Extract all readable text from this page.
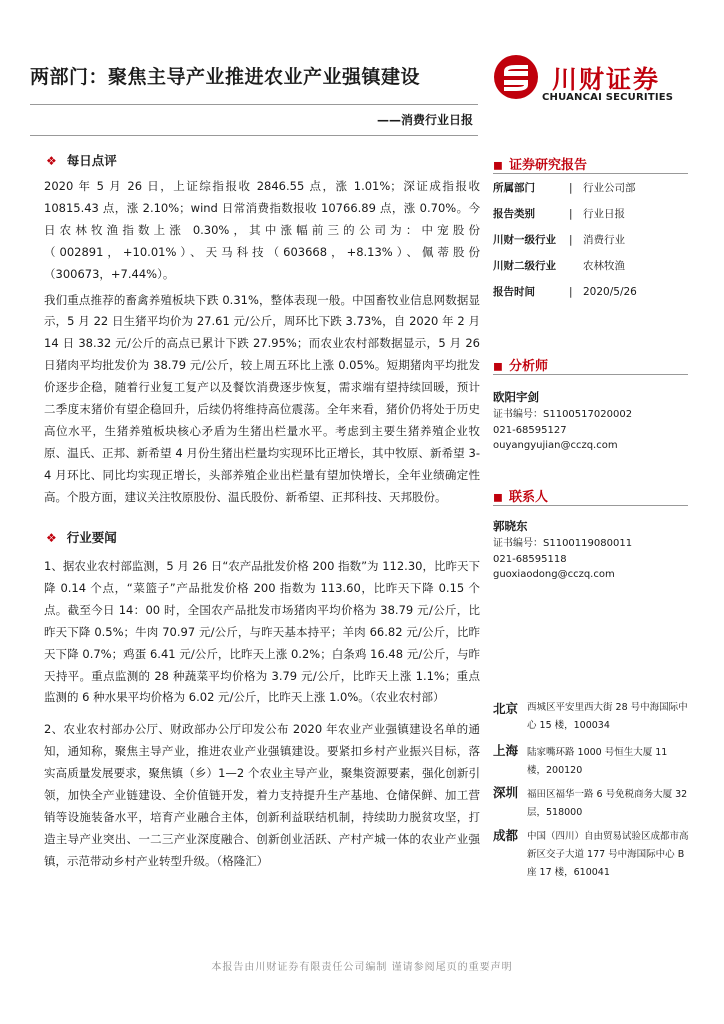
两部门：聚焦主导产业推进农业产业强镇建设
——消费行业日报
川财证券
CHUANCAI SECURITIES
❖ 每日点评

2020 年 5 月 26 日，上证综指报收 2846.55 点，涨 1.01%；深证成指报收 10815.43 点，涨 2.10%；wind 日常消费指数报收 10766.89 点，涨 0.70%。今日农林牧渔指数上涨 0.30%，其中涨幅前三的公司为：中宠股份（002891，+10.01%）、天马科技（603668，+8.13%）、佩蒂股份（300673，+7.44%）。

我们重点推荐的畜禽养殖板块下跌 0.31%，整体表现一般。中国畜牧业信息网数据显示，5 月 22 日生猪平均价为 27.61 元/公斤，周环比下跌 3.73%，自 2020 年 2 月 14 日 38.32 元/公斤的高点已累计下跌 27.95%；而农业农村部数据显示，5 月 26 日猪肉平均批发价为 38.79 元/公斤，较上周五环比上涨 0.05%。短期猪肉平均批发价逐步企稳，随着行业复工复产以及餐饮消费逐步恢复，需求端有望持续回暖，预计二季度末猪价有望企稳回升，后续仍将维持高位震荡。全年来看，猪价仍将处于历史高位水平，生猪养殖板块核心矛盾为生猪出栏量水平。考虑到主要生猪养殖企业牧原、温氏、正邦、新希望 4 月份生猪出栏量均实现环比正增长，其中牧原、新希望 3-4 月环比、同比均实现正增长，头部养殖企业出栏量有望加快增长，全年业绩确定性高。个股方面，建议关注牧原股份、温氏股份、新希望、正邦科技、天邦股份。

❖ 行业要闻

1、据农业农村部监测，5 月 26 日“农产品批发价格 200 指数”为 112.30，比昨天下降 0.14 个点，“菜篮子”产品批发价格 200 指数为 113.60，比昨天下降 0.15 个点。截至今日 14：00 时，全国农产品批发市场猪肉平均价格为 38.79 元/公斤，比昨天下降 0.5%；牛肉 70.97 元/公斤，与昨天基本持平；羊肉 66.82 元/公斤，比昨天下降 0.7%；鸡蛋 6.41 元/公斤，比昨天上涨 0.2%；白条鸡 16.48 元/公斤，与昨天持平。重点监测的 28 种蔬菜平均价格为 3.79 元/公斤，比昨天上涨 1.1%；重点监测的 6 种水果平均价格为 6.02 元/公斤，比昨天上涨 1.0%。（农业农村部）

2、农业农村部办公厅、财政部办公厅印发公布 2020 年农业产业强镇建设名单的通知，通知称，聚焦主导产业，推进农业产业强镇建设。要紧扣乡村产业振兴目标，落实高质量发展要求，聚焦镇（乡）1—2 个农业主导产业，聚集资源要素，强化创新引领，加快全产业链建设、全价值链开发，着力支持提升生产基地、仓储保鲜、加工营销等设施装备水平，培育产业融合主体，创新利益联结机制，持续助力脱贫攻坚，打造主导产业突出、一二三产业深度融合、创新创业活跃、产村产城一体的农业产业强镇，示范带动乡村产业转型升级。（格隆汇）

◼ 证券研究报告
所属部门	| 行业公司部
报告类别	| 行业日报
川财一级行业 | 消费行业
川财二级行业	农林牧渔
报告时间	| 2020/5/26
◼ 分析师
欧阳宇剑
证书编号：S1100517020002
021-68595127
ouyangyujian@cczq.com
◼ 联系人
郭晓东
证书编号：S1100119080011
021-68595118
guoxiaodong@cczq.com
北京 西城区平安里西大街 28 号中海国际中心 15 楼，100034
上海 陆家嘴环路 1000 号恒生大厦 11 楼，200120
深圳 福田区福华一路 6 号免税商务大厦 32 层，518000
成都 中国（四川）自由贸易试验区成都市高新区交子大道 177 号中海国际中心 B 座 17 楼，610041
本报告由川财证券有限责任公司编制 谨请参阅尾页的重要声明
